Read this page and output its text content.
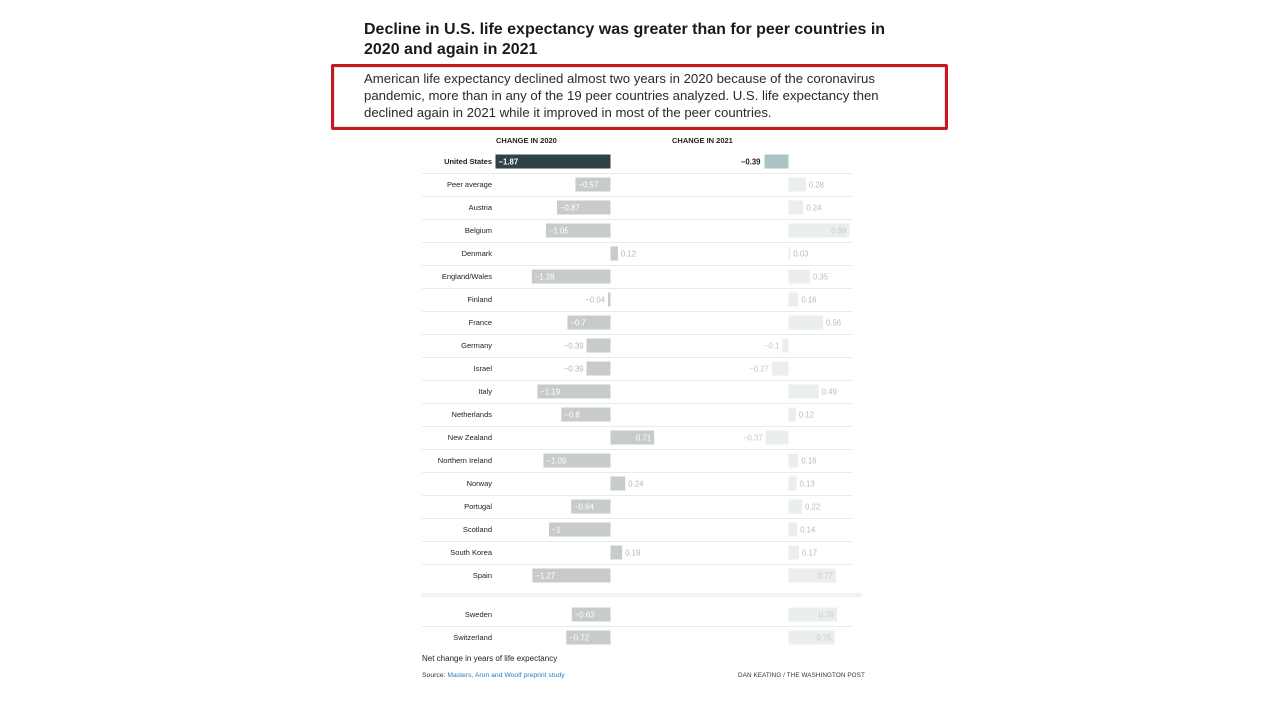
Decline in U.S. life expectancy was greater than for peer countries in 2020 and again in 2021
American life expectancy declined almost two years in 2020 because of the coronavirus pandemic, more than in any of the 19 peer countries analyzed. U.S. life expectancy then declined again in 2021 while it improved in most of the peer countries.
CHANGE IN 2020	CHANGE IN 2021
United States −1.87	−0.39
Peer average	−0.57	0.28
Austria	−0.87	0.24
Belgium	−1.05	0.99
Denmark	0.12	0.03
England/Wales	−1.28	0.35
Finland	−0.04	0.16
France	−0.7	0.56
Germany	−0.39	−0.1
Israel	−0.39	−0.27
Italy	−1.19	0.49
Netherlands	−0.8	0.12
New Zealand	0.71	−0.37
Northern Ireland	−1.09	0.16
Norway	0.24	0.13
Portugal	−0.64	0.22
Scotland	−1	0.14
South Korea	0.19	0.17
Spain	−1.27	0.77
Sweden	−0.63	0.79
Switzerland	−0.72	0.75
Net change in years of life expectancy
Source: Masters, Aron and Woolf preprint study	DAN KEATING / THE WASHINGTON POST
